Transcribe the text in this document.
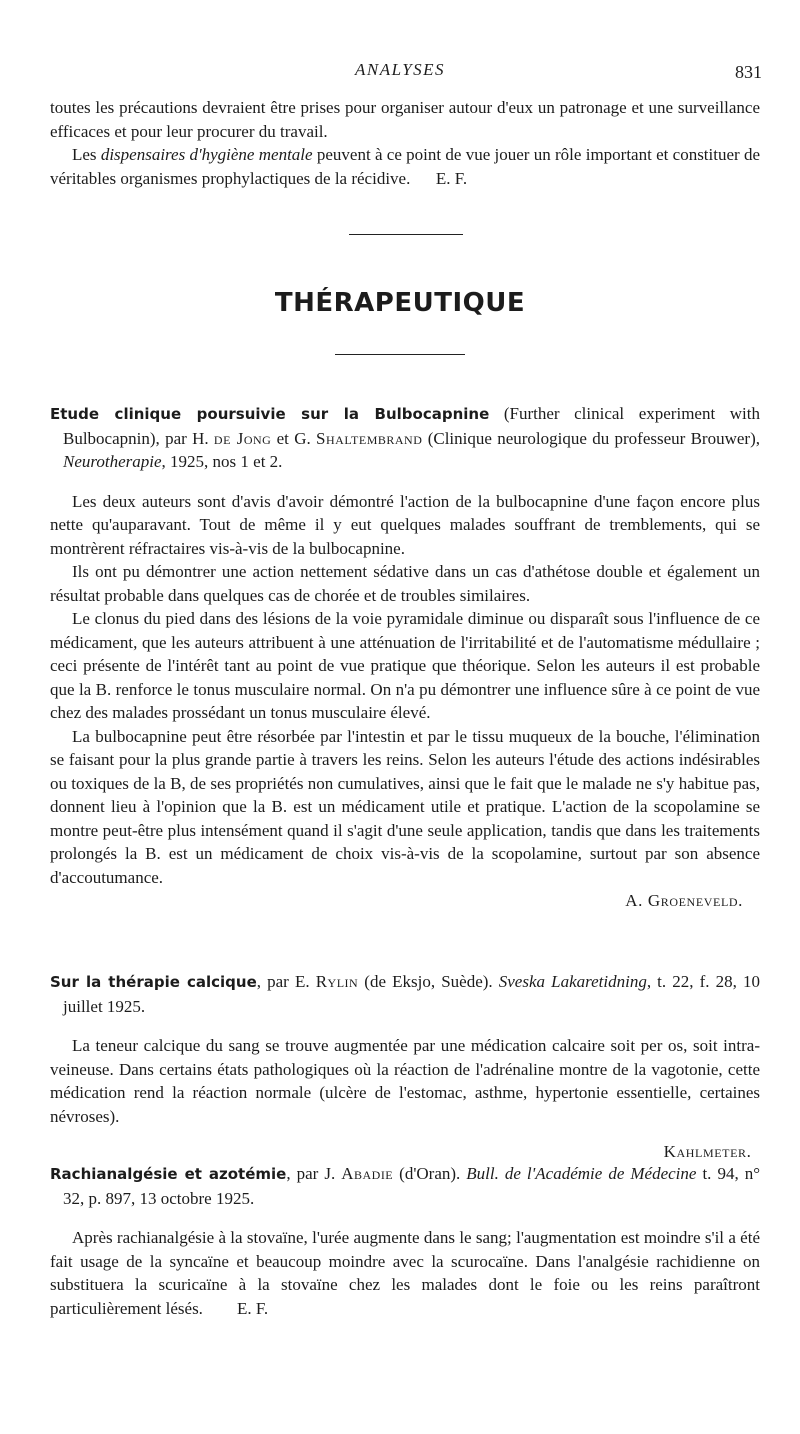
ANALYSES	831

toutes les précautions devraient être prises pour organiser autour d'eux un patronage et une surveillance efficaces et pour leur procurer du travail.

Les dispensaires d'hygiène mentale peuvent à ce point de vue jouer un rôle important et constituer de véritables organismes prophylactiques de la récidive. E. F.

THÉRAPEUTIQUE

Etude clinique poursuivie sur la Bulbocapnine (Further clinical experiment with Bulbocapnin), par H. de Jong et G. Shaltembrand (Clinique neurologique du professeur Brouwer), Neurotherapie, 1925, nos 1 et 2.

Les deux auteurs sont d'avis d'avoir démontré l'action de la bulbocapnine d'une façon encore plus nette qu'auparavant. Tout de même il y eut quelques malades souffrant de tremblements, qui se montrèrent réfractaires vis-à-vis de la bulbocapnine.

Ils ont pu démontrer une action nettement sédative dans un cas d'athétose double et également un résultat probable dans quelques cas de chorée et de troubles similaires.

Le clonus du pied dans des lésions de la voie pyramidale diminue ou disparaît sous l'influence de ce médicament, que les auteurs attribuent à une atténuation de l'irritabilité et de l'automatisme médullaire ; ceci présente de l'intérêt tant au point de vue pratique que théorique. Selon les auteurs il est probable que la B. renforce le tonus musculaire normal. On n'a pu démontrer une influence sûre à ce point de vue chez des malades prossédant un tonus musculaire élevé.

La bulbocapnine peut être résorbée par l'intestin et par le tissu muqueux de la bouche, l'élimination se faisant pour la plus grande partie à travers les reins. Selon les auteurs l'étude des actions indésirables ou toxiques de la B, de ses propriétés non cumulatives, ainsi que le fait que le malade ne s'y habitue pas, donnent lieu à l'opinion que la B. est un médicament utile et pratique. L'action de la scopolamine se montre peut-être plus intensément quand il s'agit d'une seule application, tandis que dans les traitements prolongés la B. est un médicament de choix vis-à-vis de la scopolamine, surtout par son absence d'accoutumance.

A. Groeneveld.

Sur la thérapie calcique, par E. Rylin (de Eksjo, Suède). Sveska Lakaretidning, t. 22, f. 28, 10 juillet 1925.

La teneur calcique du sang se trouve augmentée par une médication calcaire soit per os, soit intra-veineuse. Dans certains états pathologiques où la réaction de l'adrénaline montre de la vagotonie, cette médication rend la réaction normale (ulcère de l'estomac, asthme, hypertonie essentielle, certaines névroses).

Kahlmeter.

Rachianalgésie et azotémie, par J. Abadie (d'Oran). Bull. de l'Académie de Médecine t. 94, n° 32, p. 897, 13 octobre 1925.

Après rachianalgésie à la stovaïne, l'urée augmente dans le sang; l'augmentation est moindre s'il a été fait usage de la syncaïne et beaucoup moindre avec la scurocaïne. Dans l'analgésie rachidienne on substituera la scuricaïne à la stovaïne chez les malades dont le foie ou les reins paraîtront particulièrement lésés. E. F.
